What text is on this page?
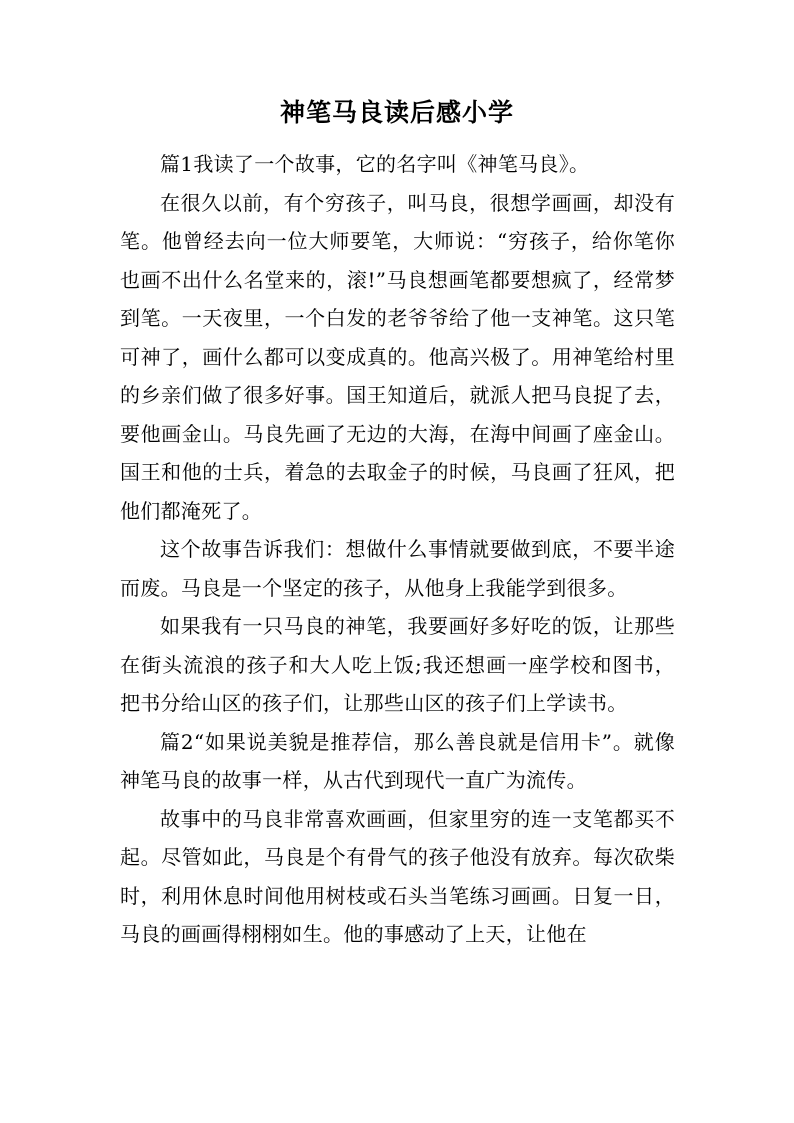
神笔马良读后感小学

篇1我读了一个故事，它的名字叫《神笔马良》。

在很久以前，有个穷孩子，叫马良，很想学画画，却没有笔。他曾经去向一位大师要笔，大师说：“穷孩子，给你笔你也画不出什么名堂来的，滚!”马良想画笔都要想疯了，经常梦到笔。一天夜里，一个白发的老爷爷给了他一支神笔。这只笔可神了，画什么都可以变成真的。他高兴极了。用神笔给村里的乡亲们做了很多好事。国王知道后，就派人把马良捉了去，要他画金山。马良先画了无边的大海，在海中间画了座金山。国王和他的士兵，着急的去取金子的时候，马良画了狂风，把他们都淹死了。

这个故事告诉我们：想做什么事情就要做到底，不要半途而废。马良是一个坚定的孩子，从他身上我能学到很多。

如果我有一只马良的神笔，我要画好多好吃的饭，让那些在街头流浪的孩子和大人吃上饭;我还想画一座学校和图书，把书分给山区的孩子们，让那些山区的孩子们上学读书。

篇2“如果说美貌是推荐信，那么善良就是信用卡”。就像神笔马良的故事一样，从古代到现代一直广为流传。

故事中的马良非常喜欢画画，但家里穷的连一支笔都买不起。尽管如此，马良是个有骨气的孩子他没有放弃。每次砍柴时，利用休息时间他用树枝或石头当笔练习画画。日复一日，马良的画画得栩栩如生。他的事感动了上天，让他在
